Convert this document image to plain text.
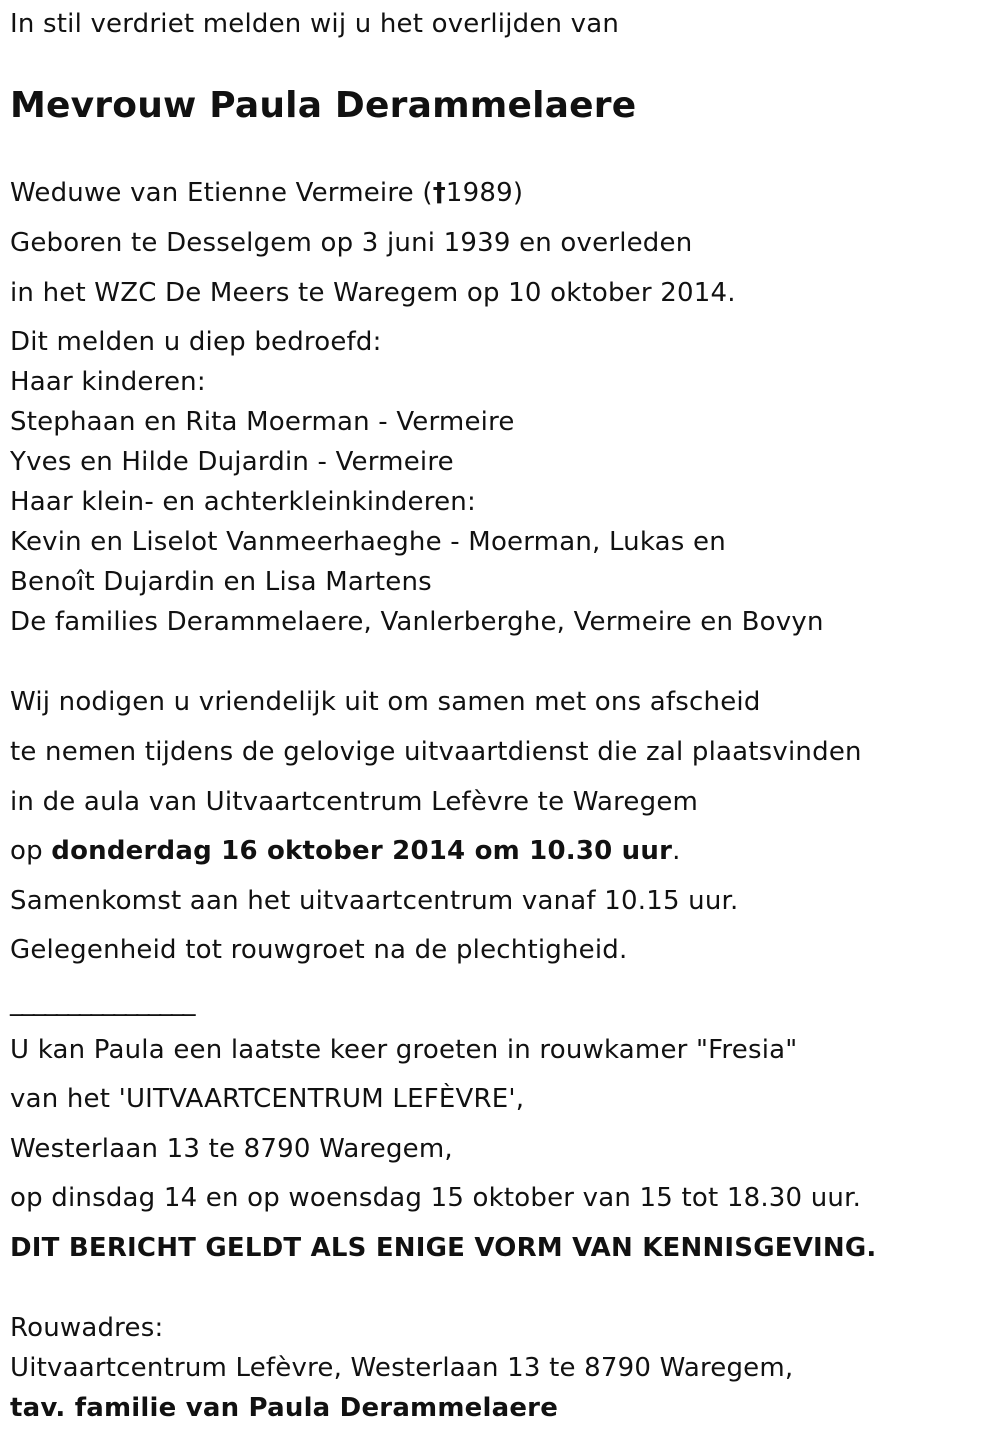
In stil verdriet melden wij u het overlijden van
Mevrouw Paula Derammelaere
Weduwe van Etienne Vermeire (†1989)
Geboren te Desselgem op 3 juni 1939 en overleden
in het WZC De Meers te Waregem op 10 oktober 2014.
Dit melden u diep bedroefd:
Haar kinderen:
Stephaan en Rita Moerman - Vermeire
Yves en Hilde Dujardin - Vermeire
Haar klein- en achterkleinkinderen:
Kevin en Liselot Vanmeerhaeghe - Moerman, Lukas en
Benoît Dujardin en Lisa Martens
De families Derammelaere, Vanlerberghe, Vermeire en Bovyn
Wij nodigen u vriendelijk uit om samen met ons afscheid
te nemen tijdens de gelovige uitvaartdienst die zal plaatsvinden
in de aula van Uitvaartcentrum Lefèvre te Waregem
op donderdag 16 oktober 2014 om 10.30 uur.
Samenkomst aan het uitvaartcentrum vanaf 10.15 uur.
Gelegenheid tot rouwgroet na de plechtigheid.
________________
U kan Paula een laatste keer groeten in rouwkamer "Fresia"
van het 'UITVAARTCENTRUM LEFÈVRE',
Westerlaan 13 te 8790 Waregem,
op dinsdag 14 en op woensdag 15 oktober van 15 tot 18.30 uur.
DIT BERICHT GELDT ALS ENIGE VORM VAN KENNISGEVING.
Rouwadres:
Uitvaartcentrum Lefèvre, Westerlaan 13 te 8790 Waregem,
tav. familie van Paula Derammelaere
